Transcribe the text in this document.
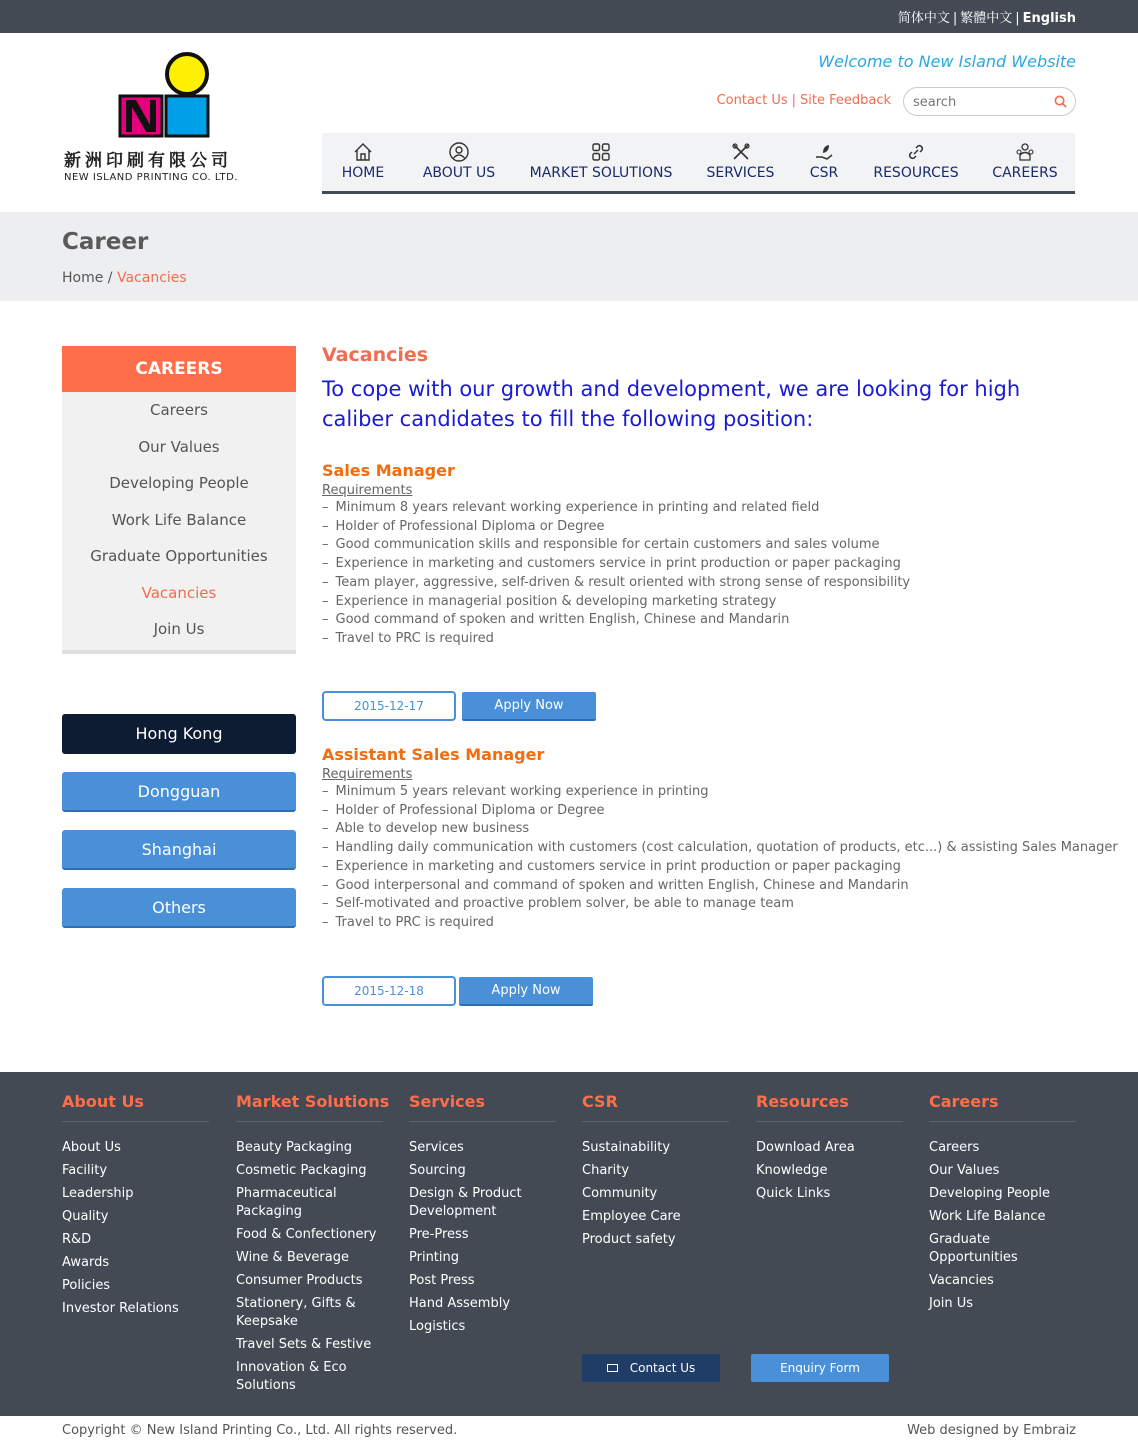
简体中文 | 繁體中文 | English
新洲印刷有限公司
NEW ISLAND PRINTING CO. LTD.
Welcome to New Island Website
Contact Us | Site Feedback
search
HOME	ABOUT US	MARKET SOLUTIONS	SERVICES	CSR	RESOURCES	CAREERS
Career
Home / Vacancies
CAREERS
Careers
Our Values
Developing People
Work Life Balance
Graduate Opportunities
Vacancies
Join Us
Hong Kong
Dongguan
Shanghai
Others
Vacancies
To cope with our growth and development, we are looking for high caliber candidates to fill the following position:
Sales Manager
Requirements
– Minimum 8 years relevant working experience in printing and related field
– Holder of Professional Diploma or Degree
– Good communication skills and responsible for certain customers and sales volume
– Experience in marketing and customers service in print production or paper packaging
– Team player, aggressive, self-driven & result oriented with strong sense of responsibility
– Experience in managerial position & developing marketing strategy
– Good command of spoken and written English, Chinese and Mandarin
– Travel to PRC is required
2015-12-17	Apply Now
Assistant Sales Manager
Requirements
– Minimum 5 years relevant working experience in printing
– Holder of Professional Diploma or Degree
– Able to develop new business
– Handling daily communication with customers (cost calculation, quotation of products, etc...) & assisting Sales Manager
– Experience in marketing and customers service in print production or paper packaging
– Good interpersonal and command of spoken and written English, Chinese and Mandarin
– Self-motivated and proactive problem solver, be able to manage team
– Travel to PRC is required
2015-12-18	Apply Now
About Us
About Us
Facility
Leadership
Quality
R&D
Awards
Policies
Investor Relations
Market Solutions
Beauty Packaging
Cosmetic Packaging
Pharmaceutical Packaging
Food & Confectionery
Wine & Beverage
Consumer Products
Stationery, Gifts & Keepsake
Travel Sets & Festive
Innovation & Eco Solutions
Services
Services
Sourcing
Design & Product Development
Pre-Press
Printing
Post Press
Hand Assembly
Logistics
CSR
Sustainability
Charity
Community
Employee Care
Product safety
Resources
Download Area
Knowledge
Quick Links
Careers
Careers
Our Values
Developing People
Work Life Balance
Graduate Opportunities
Vacancies
Join Us
Contact Us	Enquiry Form
Copyright © New Island Printing Co., Ltd. All rights reserved.	Web designed by Embraiz
